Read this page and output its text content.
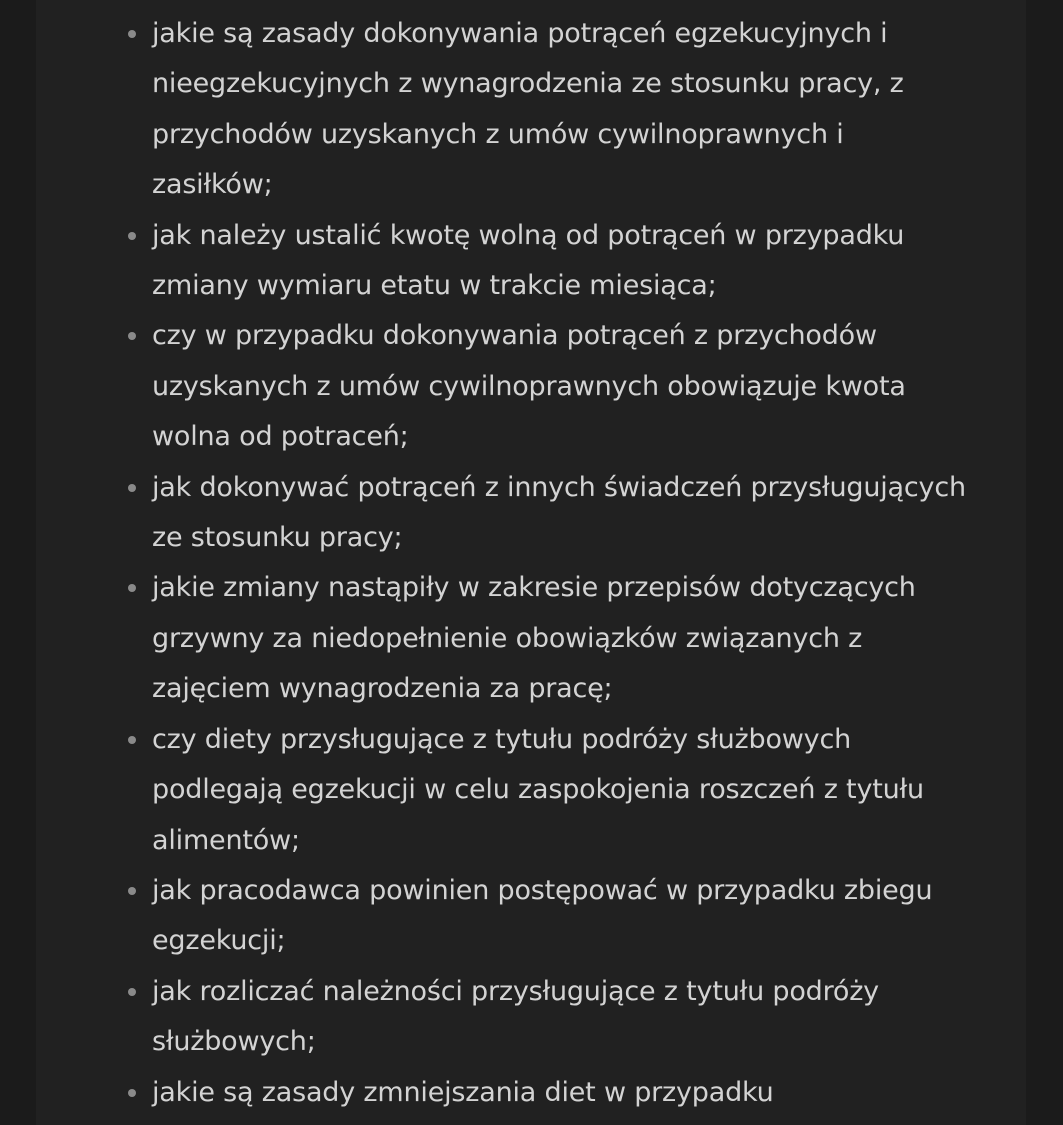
jakie są zasady dokonywania potrąceń egzekucyjnych i nieegzekucyjnych z wynagrodzenia ze stosunku pracy, z przychodów uzyskanych z umów cywilnoprawnych i zasiłków;
jak należy ustalić kwotę wolną od potrąceń w przypadku zmiany wymiaru etatu w trakcie miesiąca;
czy w przypadku dokonywania potrąceń z przychodów uzyskanych z umów cywilnoprawnych obowiązuje kwota wolna od potraceń;
jak dokonywać potrąceń z innych świadczeń przysługujących ze stosunku pracy;
jakie zmiany nastąpiły w zakresie przepisów dotyczących grzywny za niedopełnienie obowiązków związanych z zajęciem wynagrodzenia za pracę;
czy diety przysługujące z tytułu podróży służbowych podlegają egzekucji w celu zaspokojenia roszczeń z tytułu alimentów;
jak pracodawca powinien postępować w przypadku zbiegu egzekucji;
jak rozliczać należności przysługujące z tytułu podróży służbowych;
jakie są zasady zmniejszania diet w przypadku
